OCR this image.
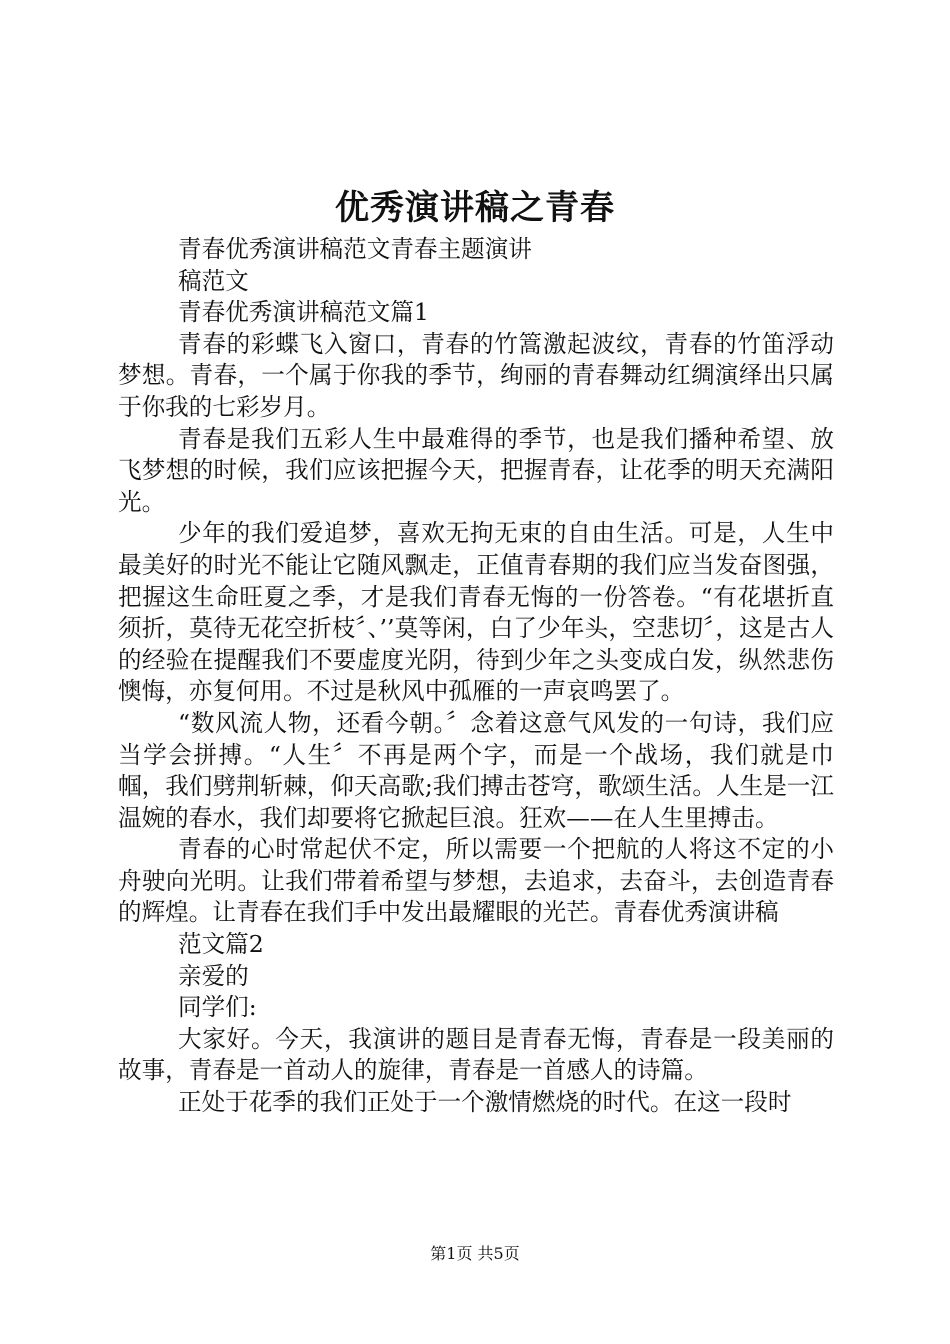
优秀演讲稿之青春

青春优秀演讲稿范文青春主题演讲

稿范文

青春优秀演讲稿范文篇1

青春的彩蝶飞入窗口，青春的竹篙激起波纹，青春的竹笛浮动梦想。青春，一个属于你我的季节，绚丽的青春舞动红绸演绎出只属于你我的七彩岁月。

青春是我们五彩人生中最难得的季节，也是我们播种希望、放飞梦想的时候，我们应该把握今天，把握青春，让花季的明天充满阳光。

少年的我们爱追梦，喜欢无拘无束的自由生活。可是，人生中最美好的时光不能让它随风飘走，正值青春期的我们应当发奋图强，把握这生命旺夏之季，才是我们青春无悔的一份答卷。“有花堪折直须折，莫待无花空折枝〞、’’莫等闲，白了少年头，空悲切〞，这是古人的经验在提醒我们不要虚度光阴，待到少年之头变成白发，纵然悲伤懊悔，亦复何用。不过是秋风中孤雁的一声哀鸣罢了。

“数风流人物，还看今朝。〞念着这意气风发的一句诗，我们应当学会拼搏。“人生〞不再是两个字，而是一个战场，我们就是巾帼，我们劈荆斩棘，仰天高歌;我们搏击苍穹，歌颂生活。人生是一江温婉的春水，我们却要将它掀起巨浪。狂欢——在人生里搏击。

青春的心时常起伏不定，所以需要一个把航的人将这不定的小舟驶向光明。让我们带着希望与梦想，去追求，去奋斗，去创造青春的辉煌。让青春在我们手中发出最耀眼的光芒。青春优秀演讲稿

范文篇2

亲爱的

同学们:

大家好。今天，我演讲的题目是青春无悔，青春是一段美丽的故事，青春是一首动人的旋律，青春是一首感人的诗篇。

正处于花季的我们正处于一个激情燃烧的时代。在这一段时

第1页 共5页
